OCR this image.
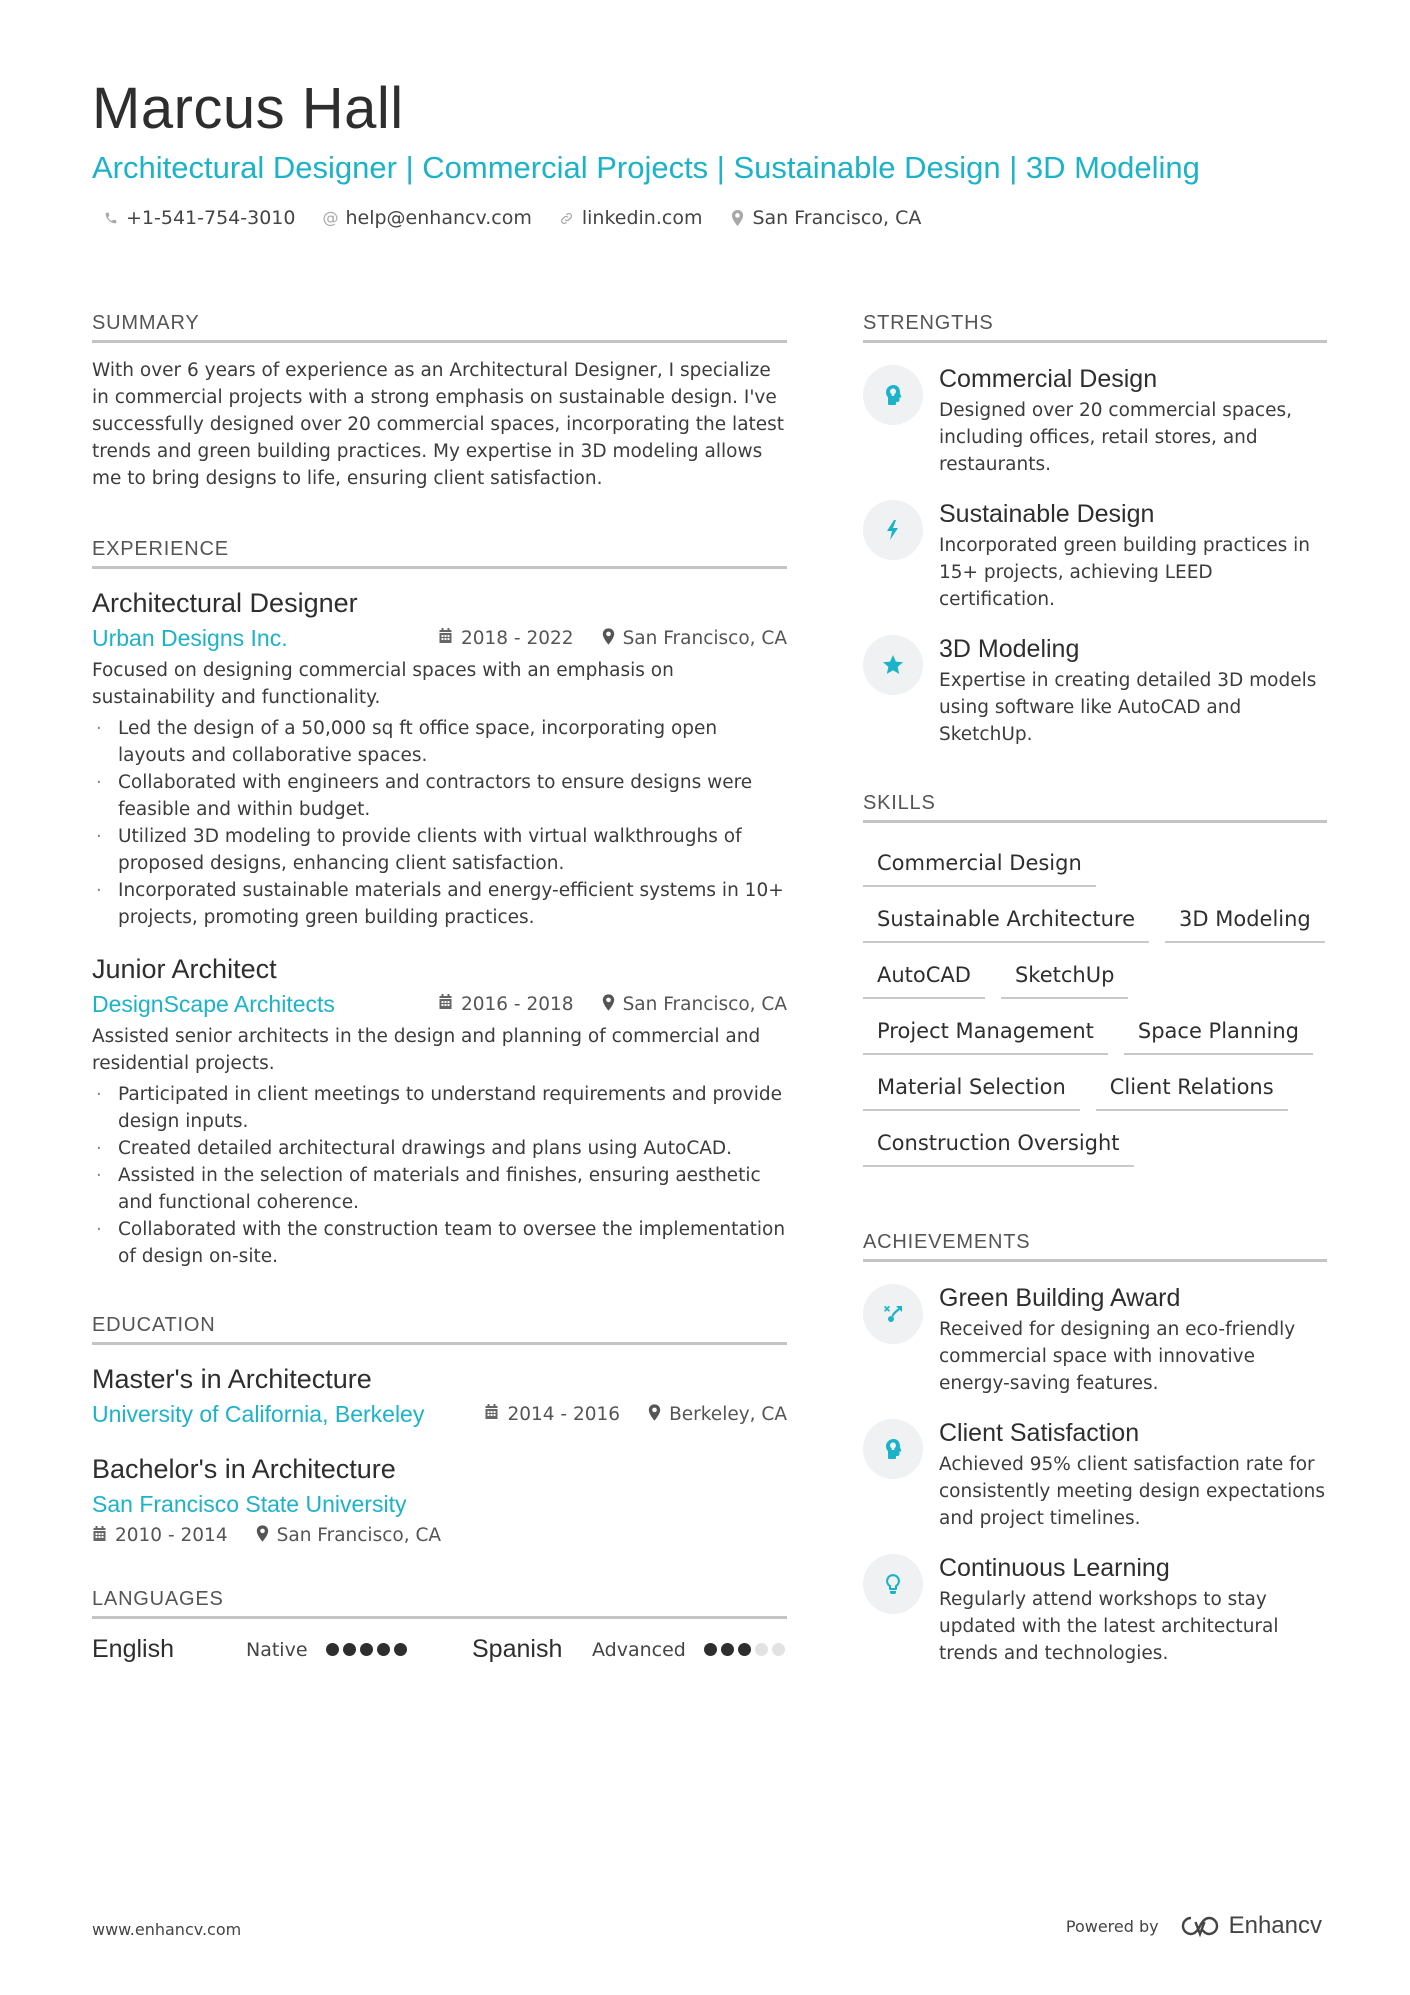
Marcus Hall
Architectural Designer | Commercial Projects | Sustainable Design | 3D Modeling
+1-541-754-3010 @ help@enhancv.com	linkedin.com	San Francisco, CA
SUMMARY
With over 6 years of experience as an Architectural Designer, I specialize in commercial projects with a strong emphasis on sustainable design. I've successfully designed over 20 commercial spaces, incorporating the latest trends and green building practices. My expertise in 3D modeling allows me to bring designs to life, ensuring client satisfaction.
EXPERIENCE
Architectural Designer
Urban Designs Inc.	2018 - 2022	San Francisco, CA
Focused on designing commercial spaces with an emphasis on sustainability and functionality.
· Led the design of a 50,000 sq ft office space, incorporating open layouts and collaborative spaces.
· Collaborated with engineers and contractors to ensure designs were feasible and within budget.
· Utilized 3D modeling to provide clients with virtual walkthroughs of proposed designs, enhancing client satisfaction.
· Incorporated sustainable materials and energy-efficient systems in 10+ projects, promoting green building practices.
Junior Architect
DesignScape Architects	2016 - 2018	San Francisco, CA
Assisted senior architects in the design and planning of commercial and residential projects.
· Participated in client meetings to understand requirements and provide design inputs.
· Created detailed architectural drawings and plans using AutoCAD.
· Assisted in the selection of materials and finishes, ensuring aesthetic and functional coherence.
· Collaborated with the construction team to oversee the implementation of design on-site.
EDUCATION
Master's in Architecture
University of California, Berkeley	2014 - 2016	Berkeley, CA
Bachelor's in Architecture
San Francisco State University
2010 - 2014	San Francisco, CA
LANGUAGES
English	Native	Spanish	Advanced
STRENGTHS
Commercial Design
Designed over 20 commercial spaces, including offices, retail stores, and restaurants.
Sustainable Design
Incorporated green building practices in 15+ projects, achieving LEED certification.
3D Modeling
Expertise in creating detailed 3D models using software like AutoCAD and SketchUp.
SKILLS
Commercial Design
Sustainable Architecture	3D Modeling
AutoCAD	SketchUp
Project Management	Space Planning
Material Selection	Client Relations
Construction Oversight
ACHIEVEMENTS
Green Building Award
Received for designing an eco-friendly commercial space with innovative energy-saving features.
Client Satisfaction
Achieved 95% client satisfaction rate for consistently meeting design expectations and project timelines.
Continuous Learning
Regularly attend workshops to stay updated with the latest architectural trends and technologies.
www.enhancv.com	Powered by	Enhancv
